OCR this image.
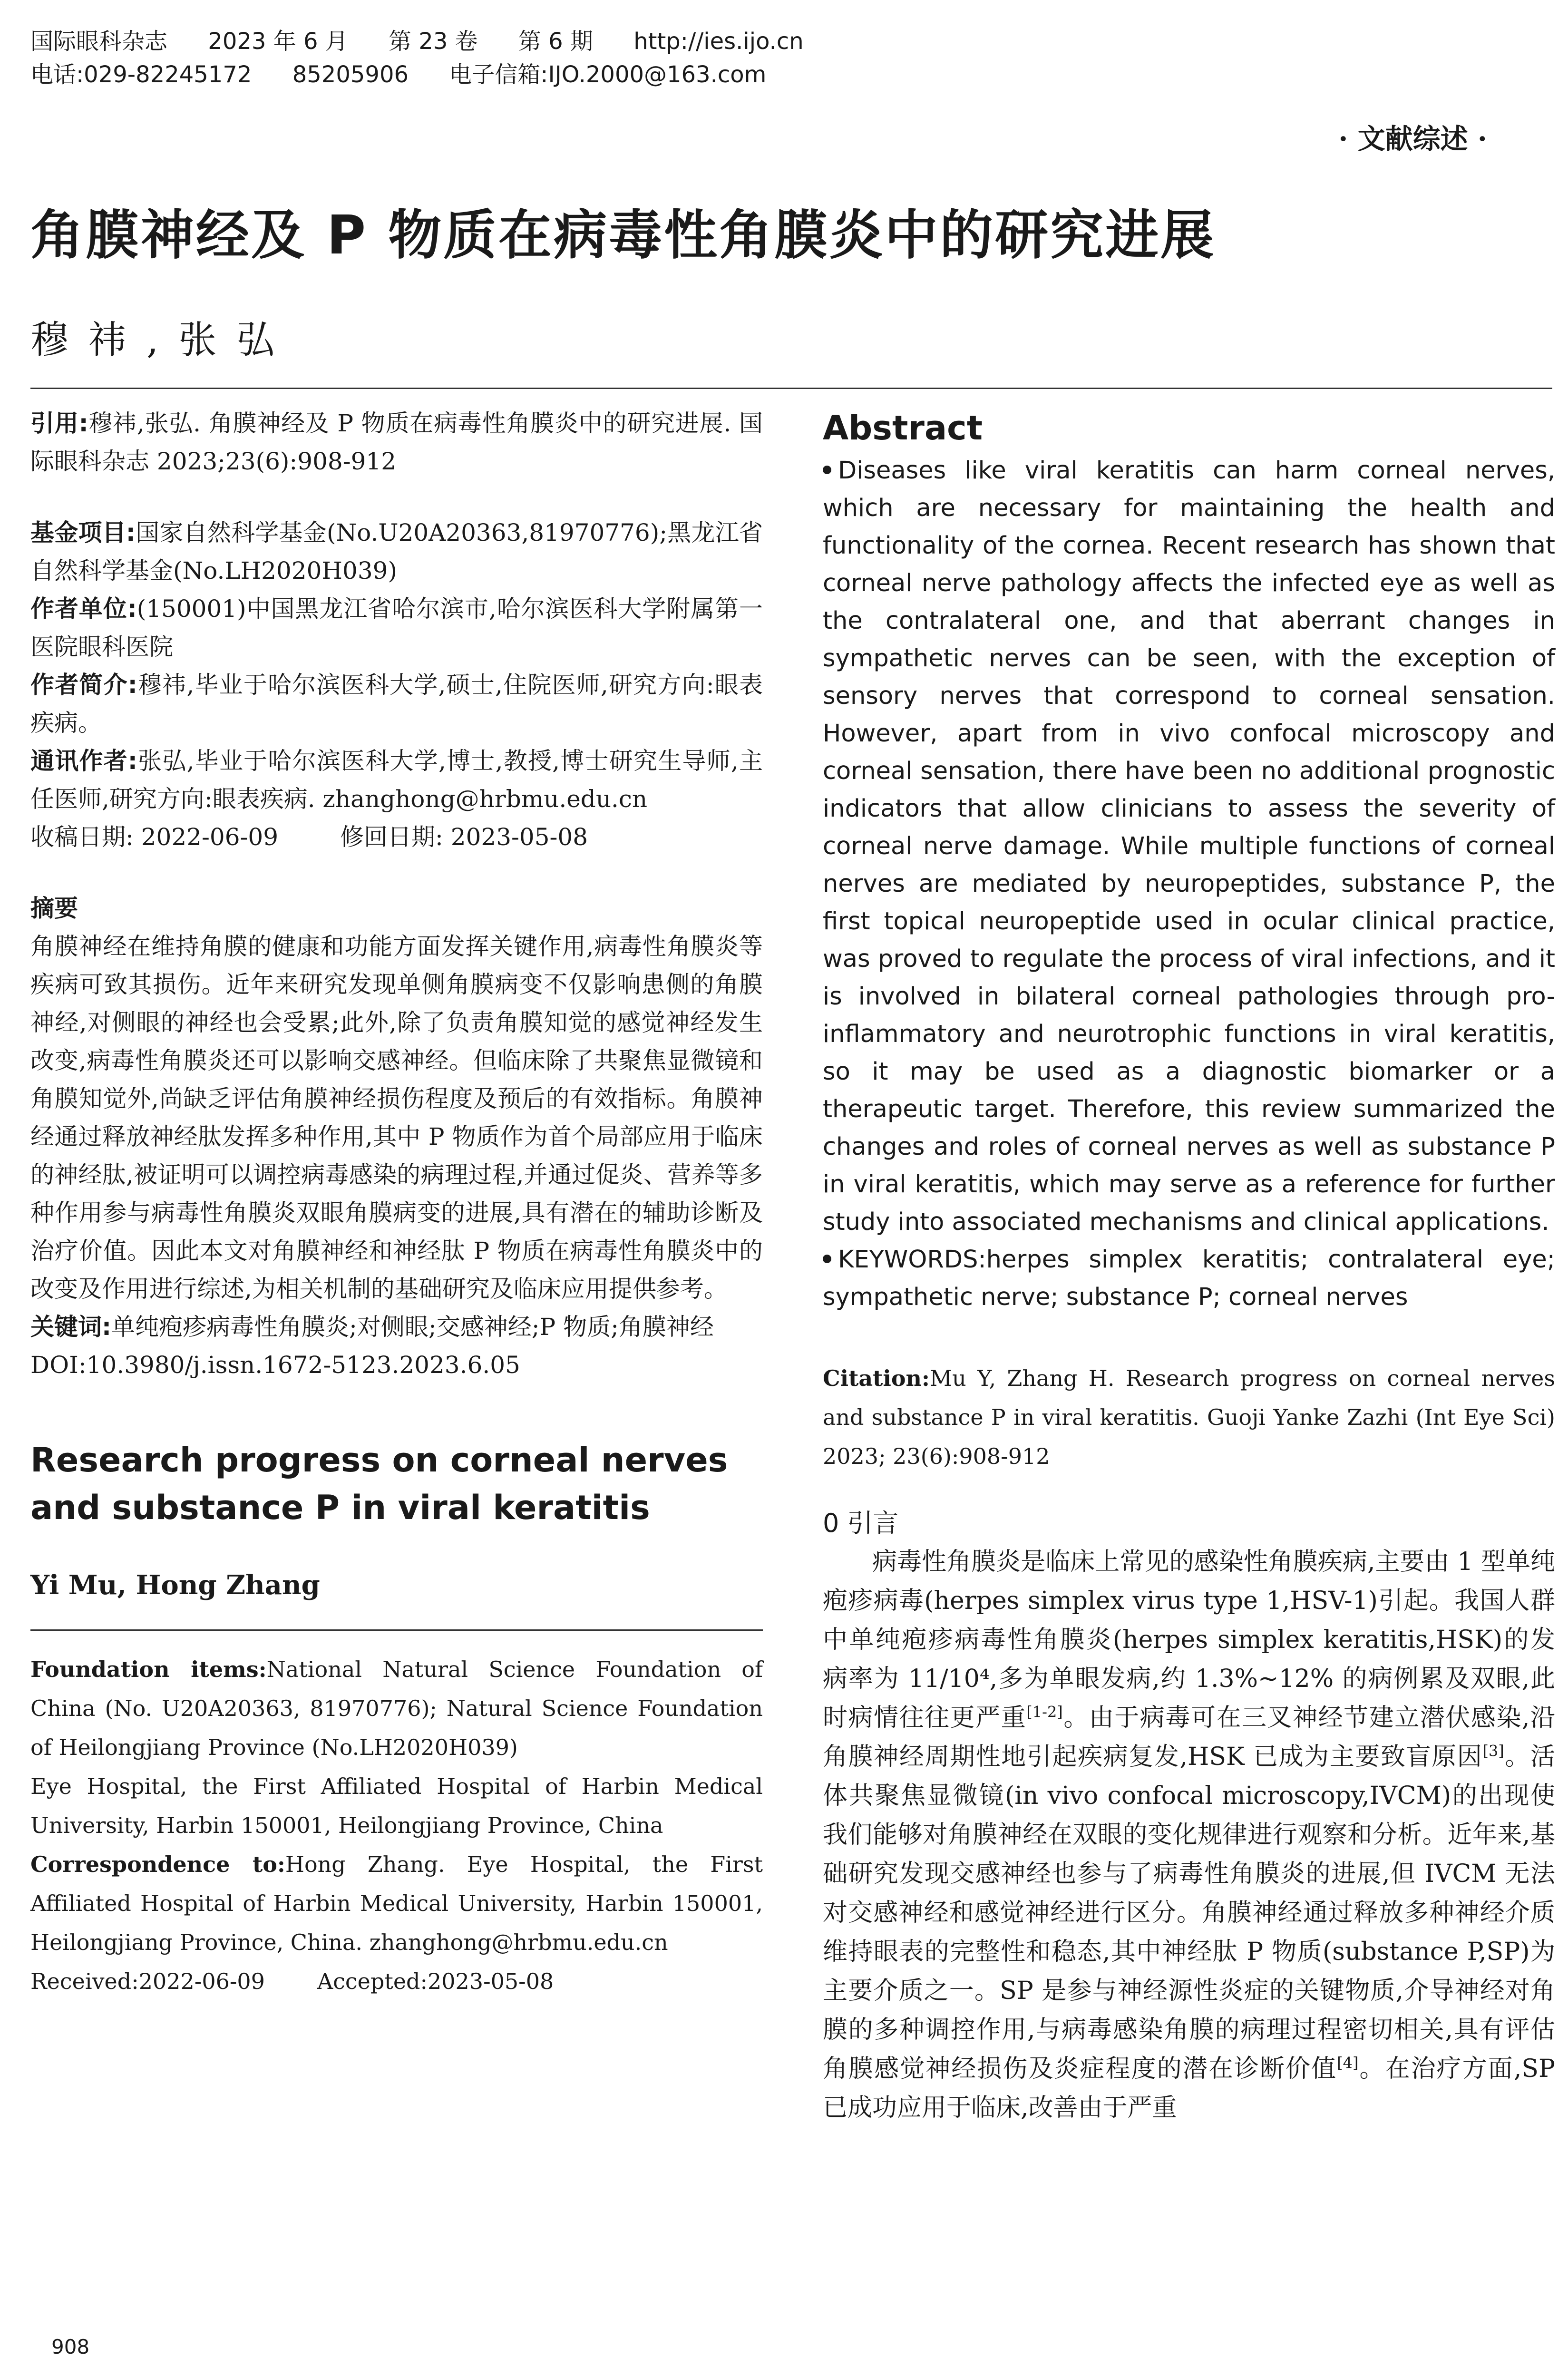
国际眼科杂志 2023 年 6 月 第 23 卷 第 6 期 http://ies.ijo.cn
电话:029-82245172 85205906 电子信箱:IJO.2000@163.com
· 文献综述 ·
角膜神经及 P 物质在病毒性角膜炎中的研究进展
穆祎,张弘

引用:穆祎,张弘. 角膜神经及 P 物质在病毒性角膜炎中的研究进展. 国际眼科杂志 2023;23(6):908-912

基金项目:国家自然科学基金(No.U20A20363,81970776);黑龙江省自然科学基金(No.LH2020H039)

作者单位:(150001)中国黑龙江省哈尔滨市,哈尔滨医科大学附属第一医院眼科医院

作者简介:穆祎,毕业于哈尔滨医科大学,硕士,住院医师,研究方向:眼表疾病。

通讯作者:张弘,毕业于哈尔滨医科大学,博士,教授,博士研究生导师,主任医师,研究方向:眼表疾病. zhanghong@hrbmu.edu.cn

收稿日期: 2022-06-09	修回日期: 2023-05-08

摘要

角膜神经在维持角膜的健康和功能方面发挥关键作用,病毒性角膜炎等疾病可致其损伤。近年来研究发现单侧角膜病变不仅影响患侧的角膜神经,对侧眼的神经也会受累;此外,除了负责角膜知觉的感觉神经发生改变,病毒性角膜炎还可以影响交感神经。但临床除了共聚焦显微镜和角膜知觉外,尚缺乏评估角膜神经损伤程度及预后的有效指标。角膜神经通过释放神经肽发挥多种作用,其中 P 物质作为首个局部应用于临床的神经肽,被证明可以调控病毒感染的病理过程,并通过促炎、营养等多种作用参与病毒性角膜炎双眼角膜病变的进展,具有潜在的辅助诊断及治疗价值。因此本文对角膜神经和神经肽 P 物质在病毒性角膜炎中的改变及作用进行综述,为相关机制的基础研究及临床应用提供参考。

关键词:单纯疱疹病毒性角膜炎;对侧眼;交感神经;P 物质;角膜神经

DOI:10.3980/j.issn.1672-5123.2023.6.05

Research progress on corneal nerves and substance P in viral keratitis
Yi Mu, Hong Zhang

Foundation items:National Natural Science Foundation of China (No. U20A20363, 81970776); Natural Science Foundation of Heilongjiang Province (No.LH2020H039)

Eye Hospital, the First Affiliated Hospital of Harbin Medical University, Harbin 150001, Heilongjiang Province, China

Correspondence to:Hong Zhang. Eye Hospital, the First Affiliated Hospital of Harbin Medical University, Harbin 150001, Heilongjiang Province, China. zhanghong@hrbmu.edu.cn

Received:2022-06-09 Accepted:2023-05-08

Abstract

Diseases like viral keratitis can harm corneal nerves, which are necessary for maintaining the health and functionality of the cornea. Recent research has shown that corneal nerve pathology affects the infected eye as well as the contralateral one, and that aberrant changes in sympathetic nerves can be seen, with the exception of sensory nerves that correspond to corneal sensation. However, apart from in vivo confocal microscopy and corneal sensation, there have been no additional prognostic indicators that allow clinicians to assess the severity of corneal nerve damage. While multiple functions of corneal nerves are mediated by neuropeptides, substance P, the first topical neuropeptide used in ocular clinical practice, was proved to regulate the process of viral infections, and it is involved in bilateral corneal pathologies through pro-inflammatory and neurotrophic functions in viral keratitis, so it may be used as a diagnostic biomarker or a therapeutic target. Therefore, this review summarized the changes and roles of corneal nerves as well as substance P in viral keratitis, which may serve as a reference for further study into associated mechanisms and clinical applications.

KEYWORDS:herpes simplex keratitis; contralateral eye; sympathetic nerve; substance P; corneal nerves

Citation:Mu Y, Zhang H. Research progress on corneal nerves and substance P in viral keratitis. Guoji Yanke Zazhi (Int Eye Sci) 2023; 23(6):908-912

0 引言

病毒性角膜炎是临床上常见的感染性角膜疾病,主要由 1 型单纯疱疹病毒(herpes simplex virus type 1,HSV-1)引起。我国人群中单纯疱疹病毒性角膜炎(herpes simplex keratitis,HSK)的发病率为 11/10⁴,多为单眼发病,约 1.3%~12% 的病例累及双眼,此时病情往往更严重[1-2]。由于病毒可在三叉神经节建立潜伏感染,沿角膜神经周期性地引起疾病复发,HSK 已成为主要致盲原因[3]。活体共聚焦显微镜(in vivo confocal microscopy,IVCM)的出现使我们能够对角膜神经在双眼的变化规律进行观察和分析。近年来,基础研究发现交感神经也参与了病毒性角膜炎的进展,但 IVCM 无法对交感神经和感觉神经进行区分。角膜神经通过释放多种神经介质维持眼表的完整性和稳态,其中神经肽 P 物质(substance P,SP)为主要介质之一。SP 是参与神经源性炎症的关键物质,介导神经对角膜的多种调控作用,与病毒感染角膜的病理过程密切相关,具有评估角膜感觉神经损伤及炎症程度的潜在诊断价值[4]。在治疗方面,SP 已成功应用于临床,改善由于严重

908
